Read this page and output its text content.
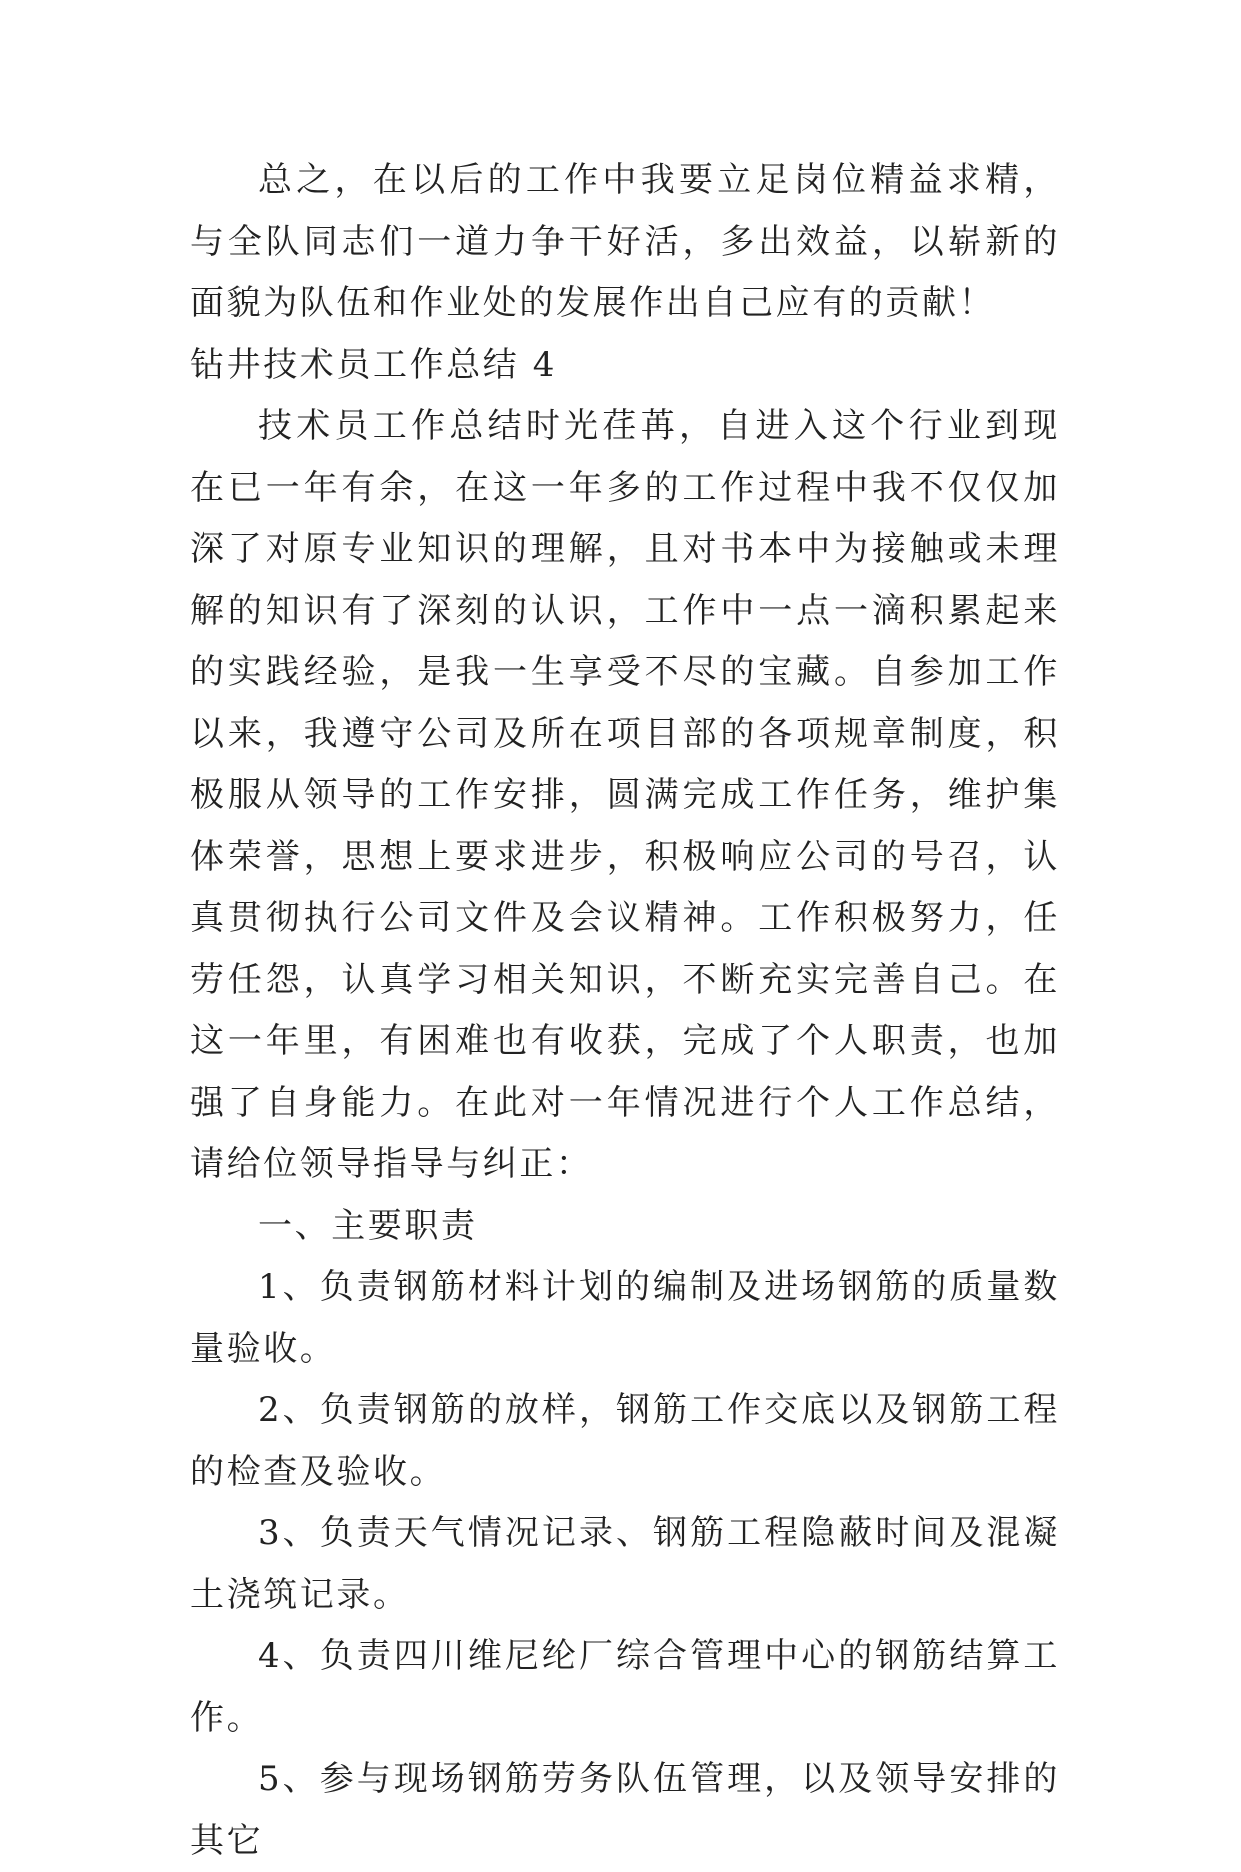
总之，在以后的工作中我要立足岗位精益求精，与全队同志们一道力争干好活，多出效益，以崭新的面貌为队伍和作业处的发展作出自己应有的贡献！

钻井技术员工作总结 4

技术员工作总结时光荏苒，自进入这个行业到现在已一年有余，在这一年多的工作过程中我不仅仅加深了对原专业知识的理解，且对书本中为接触或未理解的知识有了深刻的认识，工作中一点一滴积累起来的实践经验，是我一生享受不尽的宝藏。自参加工作以来，我遵守公司及所在项目部的各项规章制度，积极服从领导的工作安排，圆满完成工作任务，维护集体荣誉，思想上要求进步，积极响应公司的号召，认真贯彻执行公司文件及会议精神。工作积极努力，任劳任怨，认真学习相关知识，不断充实完善自己。在这一年里，有困难也有收获，完成了个人职责，也加强了自身能力。在此对一年情况进行个人工作总结，请给位领导指导与纠正：

一、主要职责

1、负责钢筋材料计划的编制及进场钢筋的质量数量验收。

2、负责钢筋的放样，钢筋工作交底以及钢筋工程的检查及验收。

3、负责天气情况记录、钢筋工程隐蔽时间及混凝土浇筑记录。

4、负责四川维尼纶厂综合管理中心的钢筋结算工作。

5、参与现场钢筋劳务队伍管理，以及领导安排的其它
